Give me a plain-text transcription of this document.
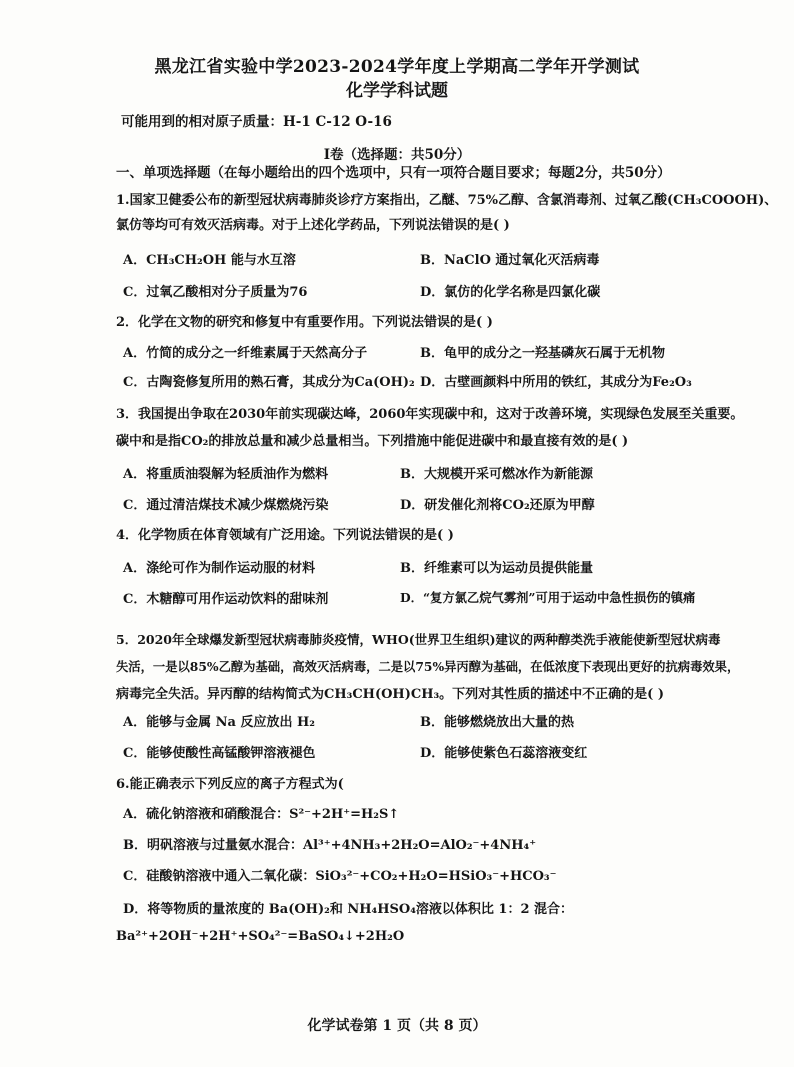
黑龙江省实验中学2023-2024学年度上学期高二学年开学测试
化学学科试题
可能用到的相对原子质量：H-1 C-12 O-16
Ⅰ卷（选择题：共50分）
一、单项选择题（在每小题给出的四个选项中，只有一项符合题目要求；每题2分，共50分）
1.国家卫健委公布的新型冠状病毒肺炎诊疗方案指出，乙醚、75%乙醇、含氯消毒剂、过氧乙酸(CH₃COOOH)、
氯仿等均可有效灭活病毒。对于上述化学药品，下列说法错误的是( )
A．CH₃CH₂OH 能与水互溶	B．NaClO 通过氧化灭活病毒
C．过氧乙酸相对分子质量为76	D．氯仿的化学名称是四氯化碳
2．化学在文物的研究和修复中有重要作用。下列说法错误的是( )
A．竹简的成分之一纤维素属于天然高分子	B．龟甲的成分之一羟基磷灰石属于无机物
C．古陶瓷修复所用的熟石膏，其成分为Ca(OH)₂ D．古壁画颜料中所用的铁红，其成分为Fe₂O₃
3．我国提出争取在2030年前实现碳达峰，2060年实现碳中和，这对于改善环境，实现绿色发展至关重要。
碳中和是指CO₂的排放总量和减少总量相当。下列措施中能促进碳中和最直接有效的是( )
A．将重质油裂解为轻质油作为燃料	B．大规模开采可燃冰作为新能源
C．通过清洁煤技术减少煤燃烧污染	D．研发催化剂将CO₂还原为甲醇
4．化学物质在体育领域有广泛用途。下列说法错误的是( )
A．涤纶可作为制作运动服的材料	B．纤维素可以为运动员提供能量
C．木糖醇可用作运动饮料的甜味剂	D．“复方氯乙烷气雾剂”可用于运动中急性损伤的镇痛
5．2020年全球爆发新型冠状病毒肺炎疫情，WHO(世界卫生组织)建议的两种醇类洗手液能使新型冠状病毒
失活，一是以85%乙醇为基础，高效灭活病毒，二是以75%异丙醇为基础，在低浓度下表现出更好的抗病毒效果，
病毒完全失活。异丙醇的结构简式为CH₃CH(OH)CH₃。下列对其性质的描述中不正确的是( )
A．能够与金属 Na 反应放出 H₂	B．能够燃烧放出大量的热
C．能够使酸性高锰酸钾溶液褪色	D．能够使紫色石蕊溶液变红
6.能正确表示下列反应的离子方程式为(
A．硫化钠溶液和硝酸混合：S²⁻+2H⁺=H₂S↑
B．明矾溶液与过量氨水混合：Al³⁺+4NH₃+2H₂O=AlO₂⁻+4NH₄⁺
C．硅酸钠溶液中通入二氧化碳：SiO₃²⁻+CO₂+H₂O=HSiO₃⁻+HCO₃⁻
D．将等物质的量浓度的 Ba(OH)₂和 NH₄HSO₄溶液以体积比 1：2 混合：
Ba²⁺+2OH⁻+2H⁺+SO₄²⁻=BaSO₄↓+2H₂O
化学试卷第 1 页（共 8 页）
